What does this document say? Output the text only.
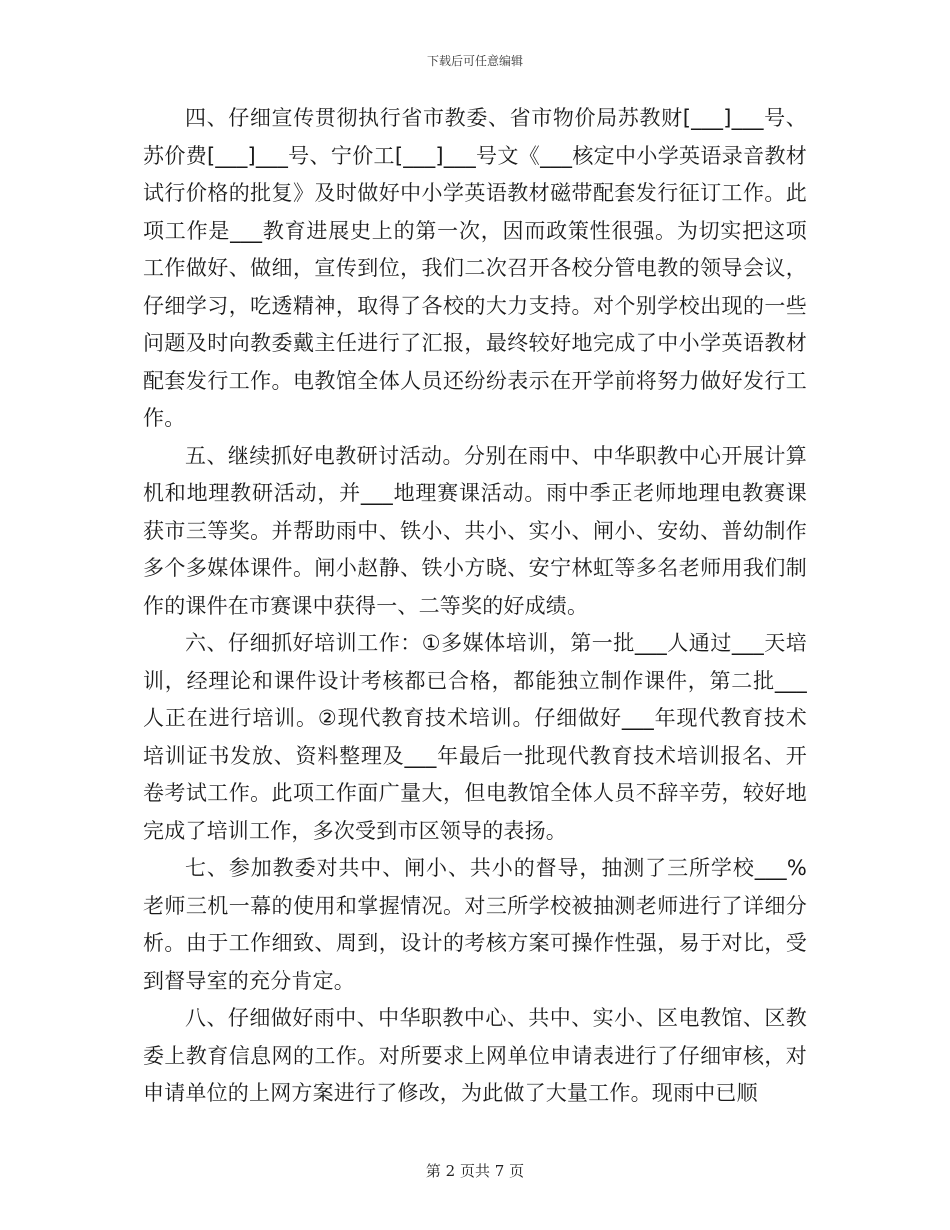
下载后可任意编辑

四、仔细宣传贯彻执行省市教委、省市物价局苏教财[___]___号、苏价费[___]___号、宁价工[___]___号文《___核定中小学英语录音教材试行价格的批复》及时做好中小学英语教材磁带配套发行征订工作。此项工作是___教育进展史上的第一次，因而政策性很强。为切实把这项工作做好、做细，宣传到位，我们二次召开各校分管电教的领导会议，仔细学习，吃透精神，取得了各校的大力支持。对个别学校出现的一些问题及时向教委戴主任进行了汇报，最终较好地完成了中小学英语教材配套发行工作。电教馆全体人员还纷纷表示在开学前将努力做好发行工作。

五、继续抓好电教研讨活动。分别在雨中、中华职教中心开展计算机和地理教研活动，并___地理赛课活动。雨中季正老师地理电教赛课获市三等奖。并帮助雨中、铁小、共小、实小、闸小、安幼、普幼制作多个多媒体课件。闸小赵静、铁小方晓、安宁林虹等多名老师用我们制作的课件在市赛课中获得一、二等奖的好成绩。

六、仔细抓好培训工作：①多媒体培训，第一批___人通过___天培训，经理论和课件设计考核都已合格，都能独立制作课件，第二批___人正在进行培训。②现代教育技术培训。仔细做好___年现代教育技术培训证书发放、资料整理及___年最后一批现代教育技术培训报名、开卷考试工作。此项工作面广量大，但电教馆全体人员不辞辛劳，较好地完成了培训工作，多次受到市区领导的表扬。

七、参加教委对共中、闸小、共小的督导，抽测了三所学校___%老师三机一幕的使用和掌握情况。对三所学校被抽测老师进行了详细分析。由于工作细致、周到，设计的考核方案可操作性强，易于对比，受到督导室的充分肯定。

八、仔细做好雨中、中华职教中心、共中、实小、区电教馆、区教委上教育信息网的工作。对所要求上网单位申请表进行了仔细审核，对申请单位的上网方案进行了修改，为此做了大量工作。现雨中已顺

第 2 页共 7 页
